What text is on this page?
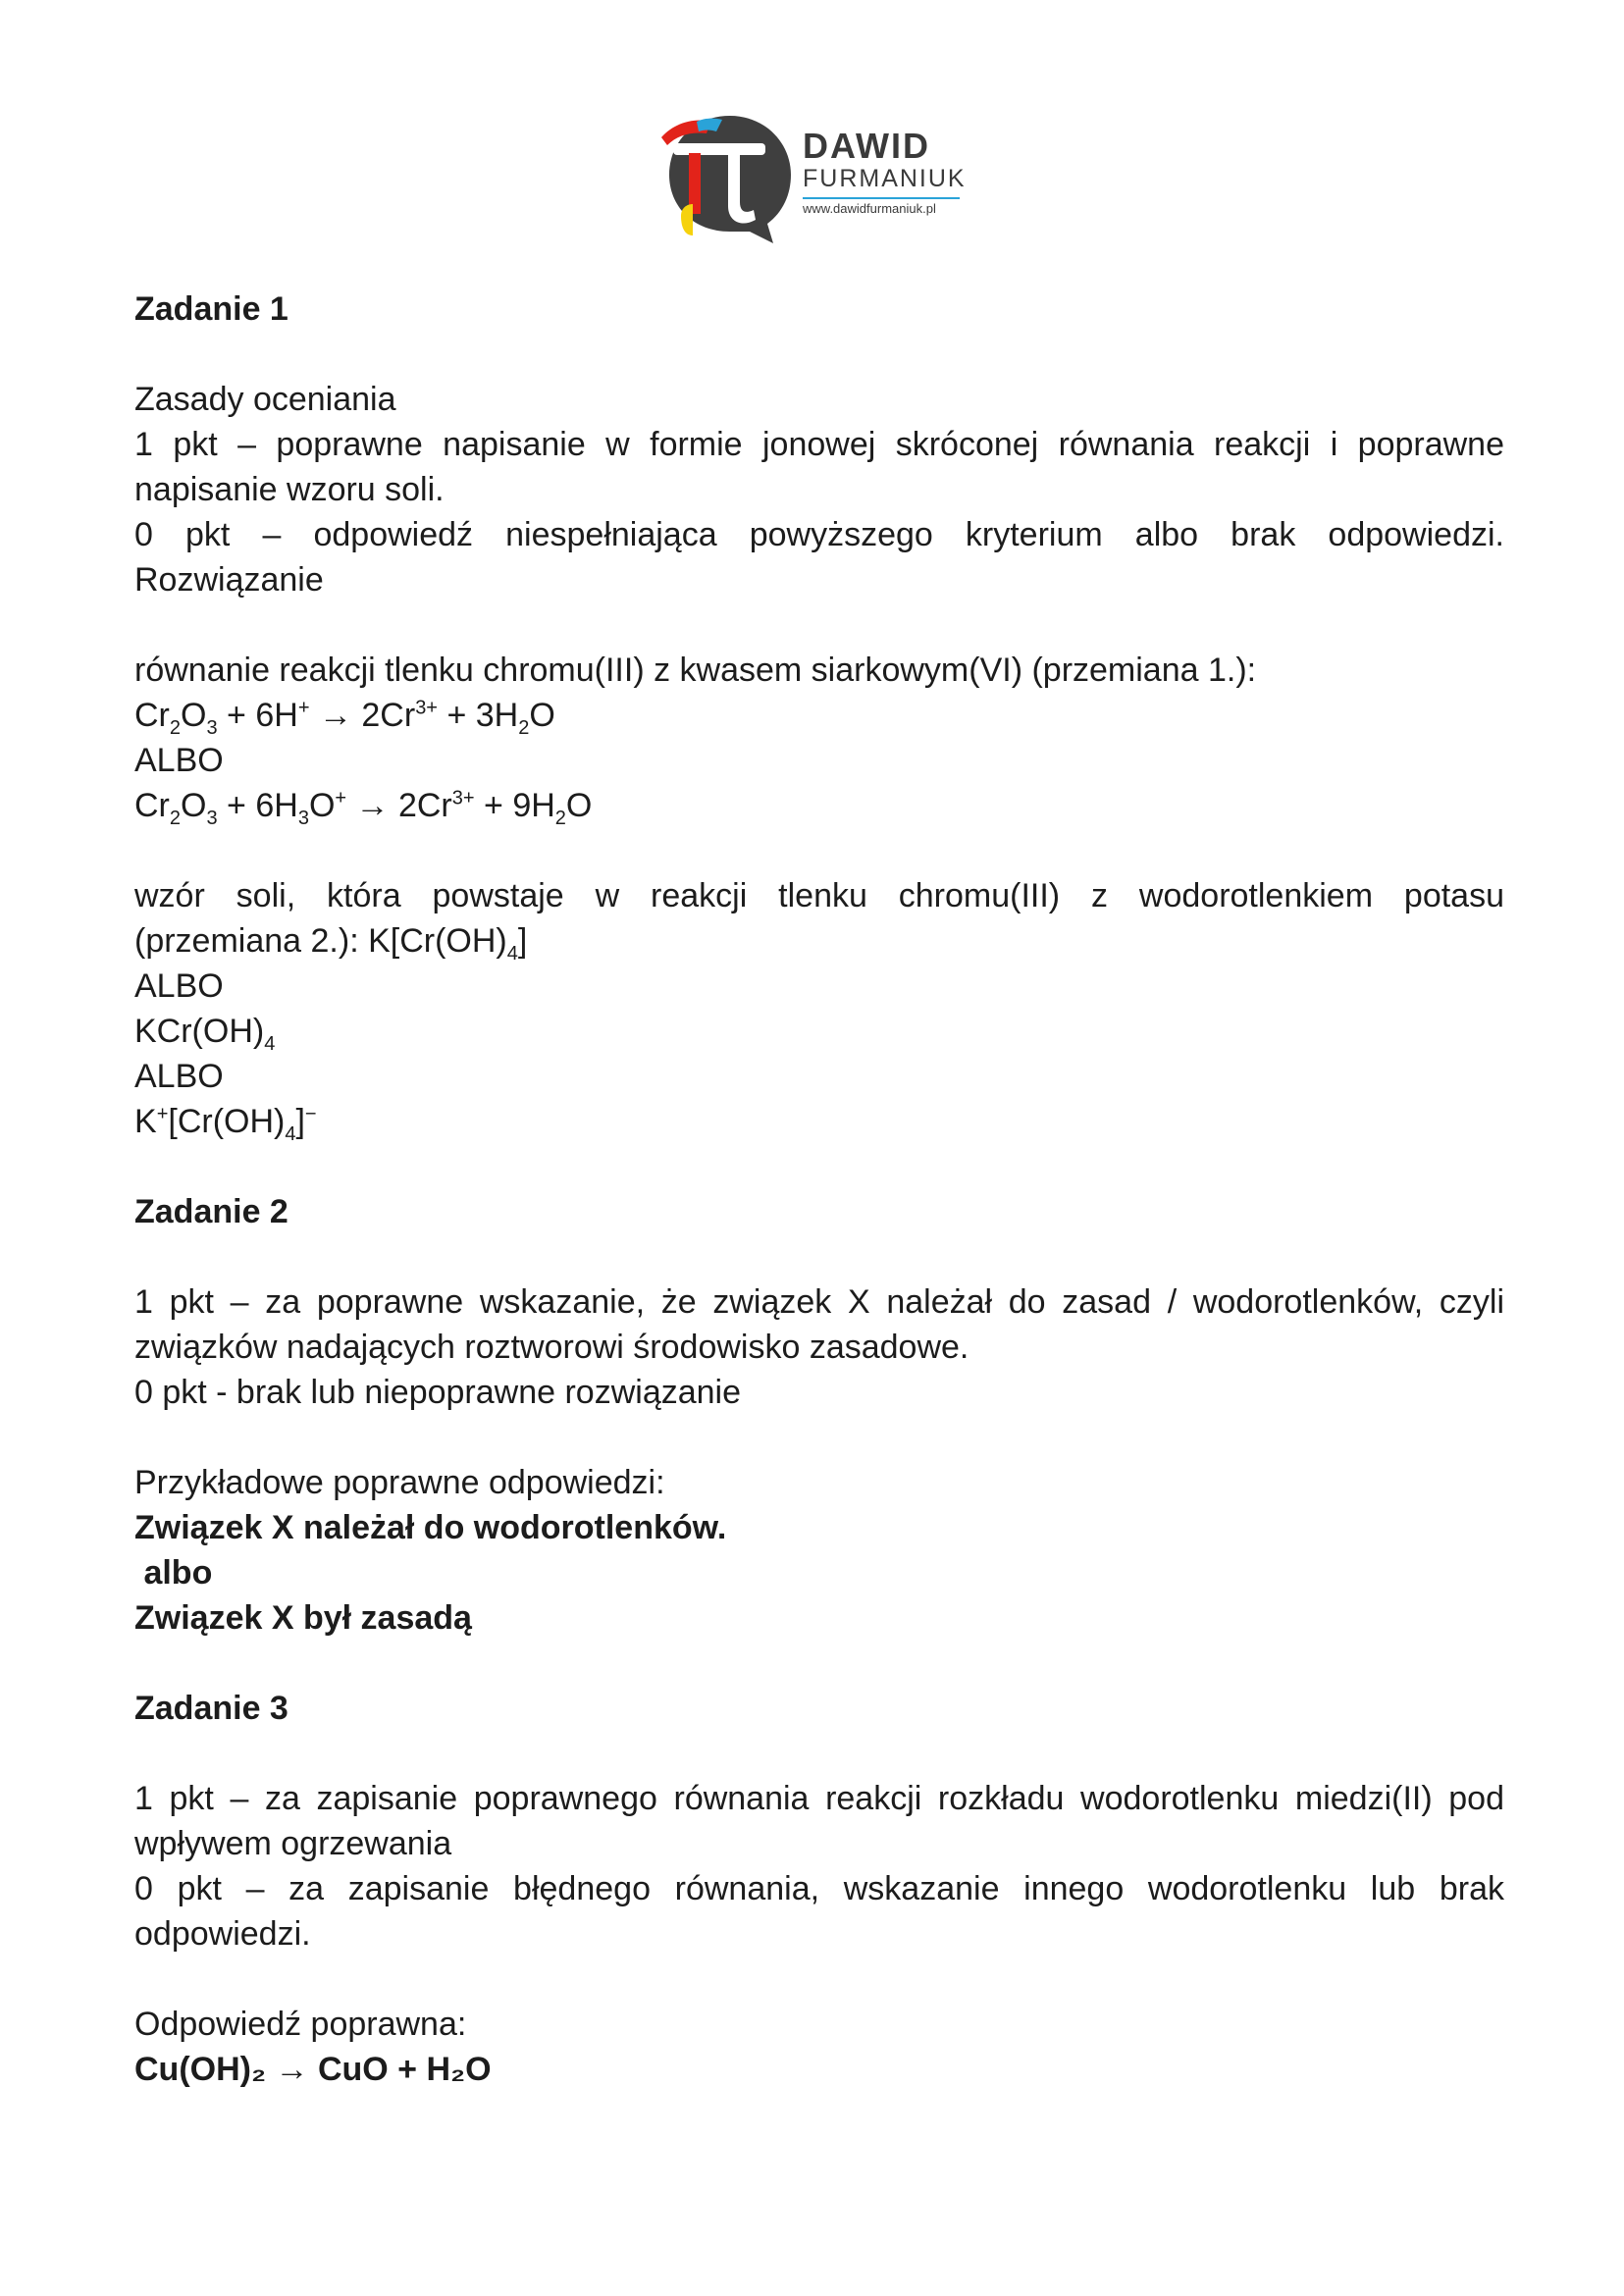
DAWID
FURMANIUK
www.dawidfurmaniuk.pl

Zadanie 1

Zasady oceniania

1 pkt – poprawne napisanie w formie jonowej skróconej równania reakcji i poprawne

napisanie wzoru soli.

0 pkt – odpowiedź niespełniająca powyższego kryterium albo brak odpowiedzi.

Rozwiązanie

równanie reakcji tlenku chromu(III) z kwasem siarkowym(VI) (przemiana 1.):

$Cr_2O_3 + 6H^+ \to 2Cr^{3+} + 3H_2O$

ALBO

$Cr_2O_3 + 6H_3O^+ \to 2Cr^{3+} + 9H_2O$

wzór soli, która powstaje w reakcji tlenku chromu(III) z wodorotlenkiem potasu

(przemiana 2.): $K[Cr(OH)_4]$

ALBO

$KCr(OH)_4$

ALBO

$K^+[Cr(OH)_4]^-$

Zadanie 2

1 pkt – za poprawne wskazanie, że związek X należał do zasad / wodorotlenków, czyli

związków nadających roztworowi środowisko zasadowe.

0 pkt - brak lub niepoprawne rozwiązanie

Przykładowe poprawne odpowiedzi:

Związek X należał do wodorotlenków.

albo

Związek X był zasadą

Zadanie 3

1 pkt – za zapisanie poprawnego równania reakcji rozkładu wodorotlenku miedzi(II) pod

wpływem ogrzewania

0 pkt – za zapisanie błędnego równania, wskazanie innego wodorotlenku lub brak

odpowiedzi.

Odpowiedź poprawna:

Cu(OH)₂ → CuO + H₂O
